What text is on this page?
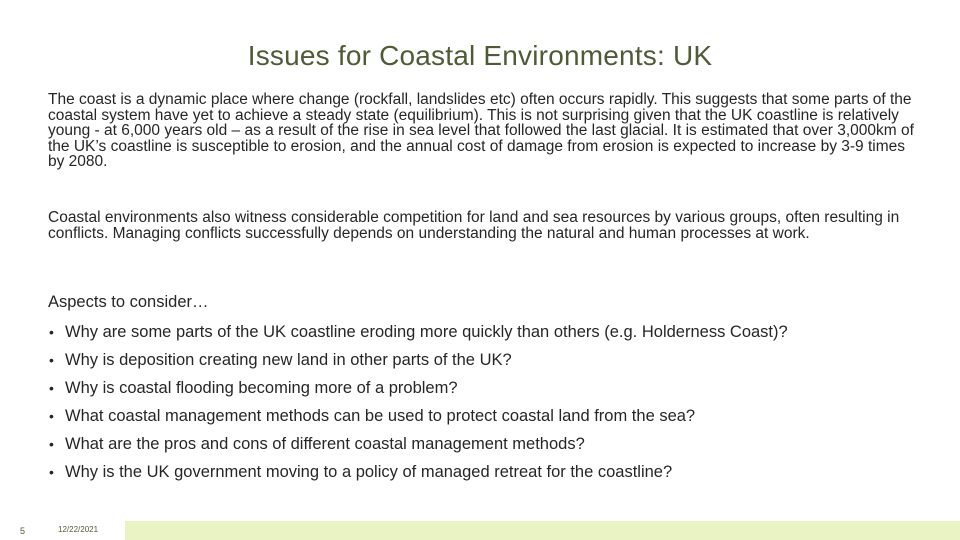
Issues for Coastal Environments: UK
The coast is a dynamic place where change (rockfall, landslides etc) often occurs rapidly. This suggests that some parts of the coastal system have yet to achieve a steady state (equilibrium). This is not surprising given that the UK coastline is relatively young - at 6,000 years old – as a result of the rise in sea level that followed the last glacial. It is estimated that over 3,000km of the UK’s coastline is susceptible to erosion, and the annual cost of damage from erosion is expected to increase by 3-9 times by 2080.
Coastal environments also witness considerable competition for land and sea resources by various groups, often resulting in conflicts. Managing conflicts successfully depends on understanding the natural and human processes at work.
Aspects to consider…
• Why are some parts of the UK coastline eroding more quickly than others (e.g. Holderness Coast)?
• Why is deposition creating new land in other parts of the UK?
• Why is coastal flooding becoming more of a problem?
• What coastal management methods can be used to protect coastal land from the sea?
• What are the pros and cons of different coastal management methods?
• Why is the UK government moving to a policy of managed retreat for the coastline?
5	12/22/2021
